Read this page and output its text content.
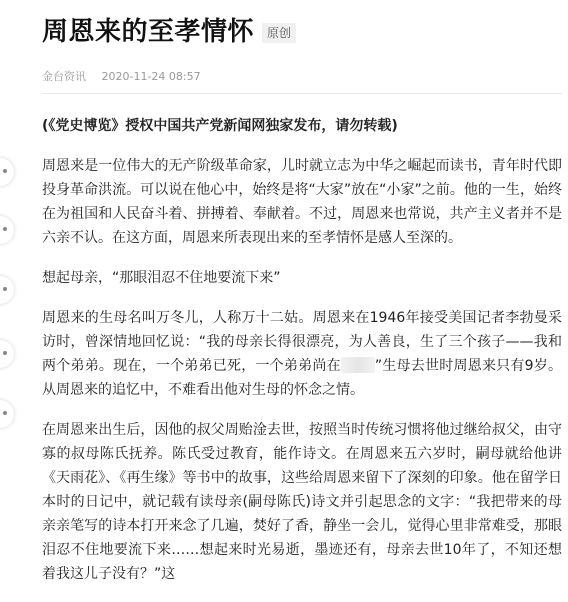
周恩来的至孝情怀	原创
金台资讯 2020-11-24 08:57

(《党史博览》授权中国共产党新闻网独家发布，请勿转载)

周恩来是一位伟大的无产阶级革命家，儿时就立志为中华之崛起而读书，青年时代即投身革命洪流。可以说在他心中，始终是将“大家”放在“小家”之前。他的一生，始终在为祖国和人民奋斗着、拼搏着、奉献着。不过，周恩来也常说，共产主义者并不是六亲不认。在这方面，周恩来所表现出来的至孝情怀是感人至深的。

想起母亲，“那眼泪忍不住地要流下来”

周恩来的生母名叫万冬儿，人称万十二姑。周恩来在1946年接受美国记者李勃曼采访时，曾深情地回忆说：“我的母亲长得很漂亮，为人善良，生了三个孩子——我和两个弟弟。现在，一个弟弟已死，一个弟弟尚在 ”生母去世时周恩来只有9岁。从周恩来的追忆中，不难看出他对生母的怀念之情。

在周恩来出生后，因他的叔父周贻淦去世，按照当时传统习惯将他过继给叔父，由守寡的叔母陈氏抚养。陈氏受过教育，能作诗文。在周恩来五六岁时，嗣母就给他讲《天雨花》、《再生缘》等书中的故事，这些给周恩来留下了深刻的印象。他在留学日本时的日记中，就记载有读母亲(嗣母陈氏)诗文并引起思念的文字：“我把带来的母亲亲笔写的诗本打开来念了几遍，焚好了香，静坐一会儿，觉得心里非常难受，那眼泪忍不住地要流下来……想起来时光易逝，墨迹还有，母亲去世10年了，不知还想着我这儿子没有？”这
